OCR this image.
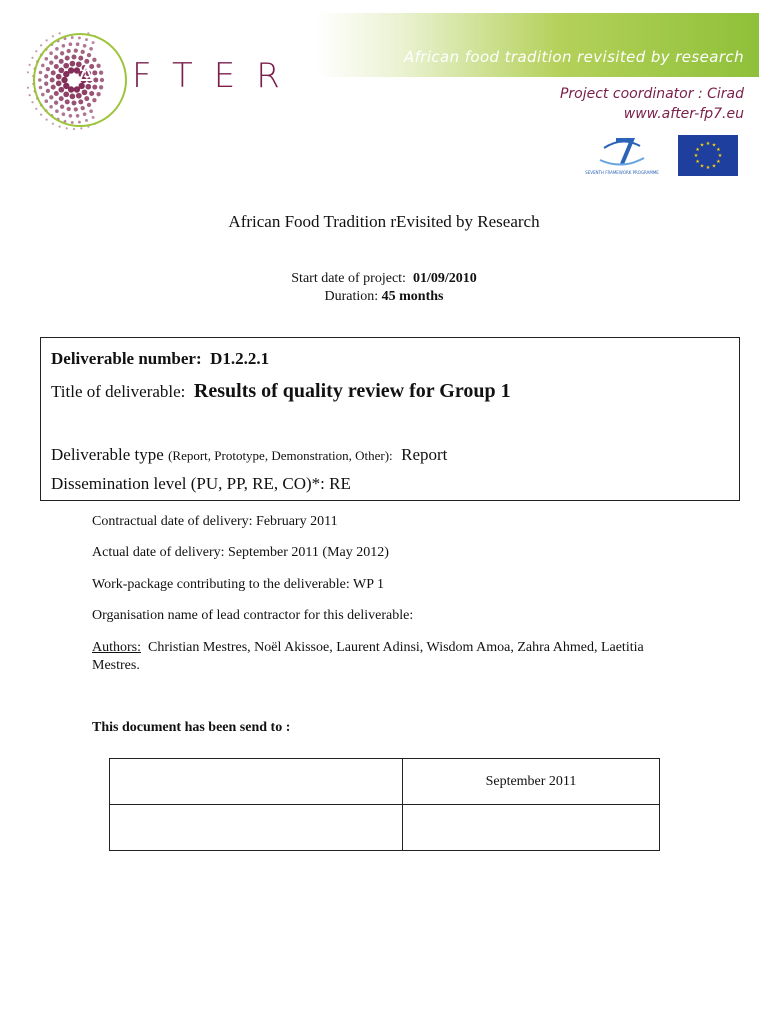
FTER	African food tradition revisited by research
Project coordinator : Cirad
www.after-fp7.eu
SEVENTH FRAMEWORK PROGRAMME
★
★
★
★
★
★
★
★
★ ★ ★
★
African Food Tradition rEvisited by Research
Start date of project: 01/09/2010
Duration: 45 months
Deliverable number: D1.2.2.1
Title of deliverable: Results of quality review for Group 1
Deliverable type (Report, Prototype, Demonstration, Other): Report
Dissemination level (PU, PP, RE, CO)*: RE
Contractual date of delivery: February 2011
Actual date of delivery: September 2011 (May 2012)
Work-package contributing to the deliverable: WP 1
Organisation name of lead contractor for this deliverable:
Authors: Christian Mestres, Noël Akissoe, Laurent Adinsi, Wisdom Amoa, Zahra Ahmed, Laetitia Mestres.
This document has been send to :
	September 2011
